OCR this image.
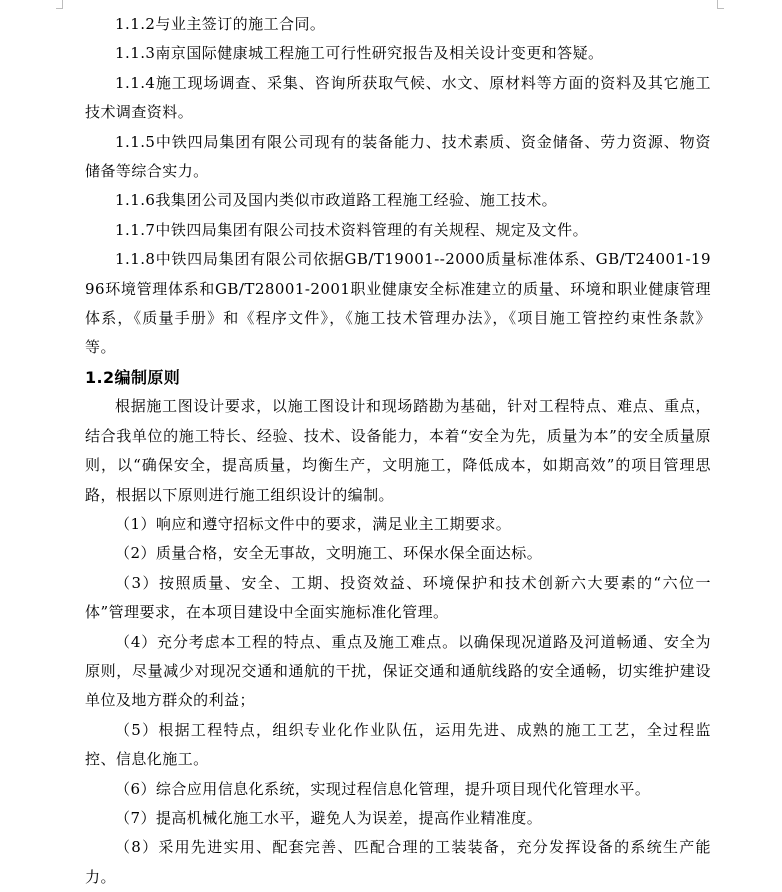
1.1.2与业主签订的施工合同。

1.1.3南京国际健康城工程施工可行性研究报告及相关设计变更和答疑。

1.1.4施工现场调查、采集、咨询所获取气候、水文、原材料等方面的资料及其它施工技术调查资料。

1.1.5中铁四局集团有限公司现有的装备能力、技术素质、资金储备、劳力资源、物资储备等综合实力。

1.1.6我集团公司及国内类似市政道路工程施工经验、施工技术。

1.1.7中铁四局集团有限公司技术资料管理的有关规程、规定及文件。

1.1.8中铁四局集团有限公司依据GB/T19001--2000质量标准体系、GB/T24001-1996环境管理体系和GB/T28001-2001职业健康安全标准建立的质量、环境和职业健康管理体系，《质量手册》和《程序文件》，《施工技术管理办法》，《项目施工管控约束性条款》等。

1.2编制原则

根据施工图设计要求，以施工图设计和现场踏勘为基础，针对工程特点、难点、重点，结合我单位的施工特长、经验、技术、设备能力，本着“安全为先，质量为本”的安全质量原则，以“确保安全，提高质量，均衡生产，文明施工，降低成本，如期高效”的项目管理思路，根据以下原则进行施工组织设计的编制。

（1）响应和遵守招标文件中的要求，满足业主工期要求。

（2）质量合格，安全无事故，文明施工、环保水保全面达标。

（3）按照质量、安全、工期、投资效益、环境保护和技术创新六大要素的“六位一体”管理要求，在本项目建设中全面实施标准化管理。

（4）充分考虑本工程的特点、重点及施工难点。以确保现况道路及河道畅通、安全为原则，尽量减少对现况交通和通航的干扰，保证交通和通航线路的安全通畅，切实维护建设单位及地方群众的利益；

（5）根据工程特点，组织专业化作业队伍，运用先进、成熟的施工工艺，全过程监控、信息化施工。

（6）综合应用信息化系统，实现过程信息化管理，提升项目现代化管理水平。

（7）提高机械化施工水平，避免人为误差，提高作业精准度。

（8）采用先进实用、配套完善、匹配合理的工装装备，充分发挥设备的系统生产能力。
